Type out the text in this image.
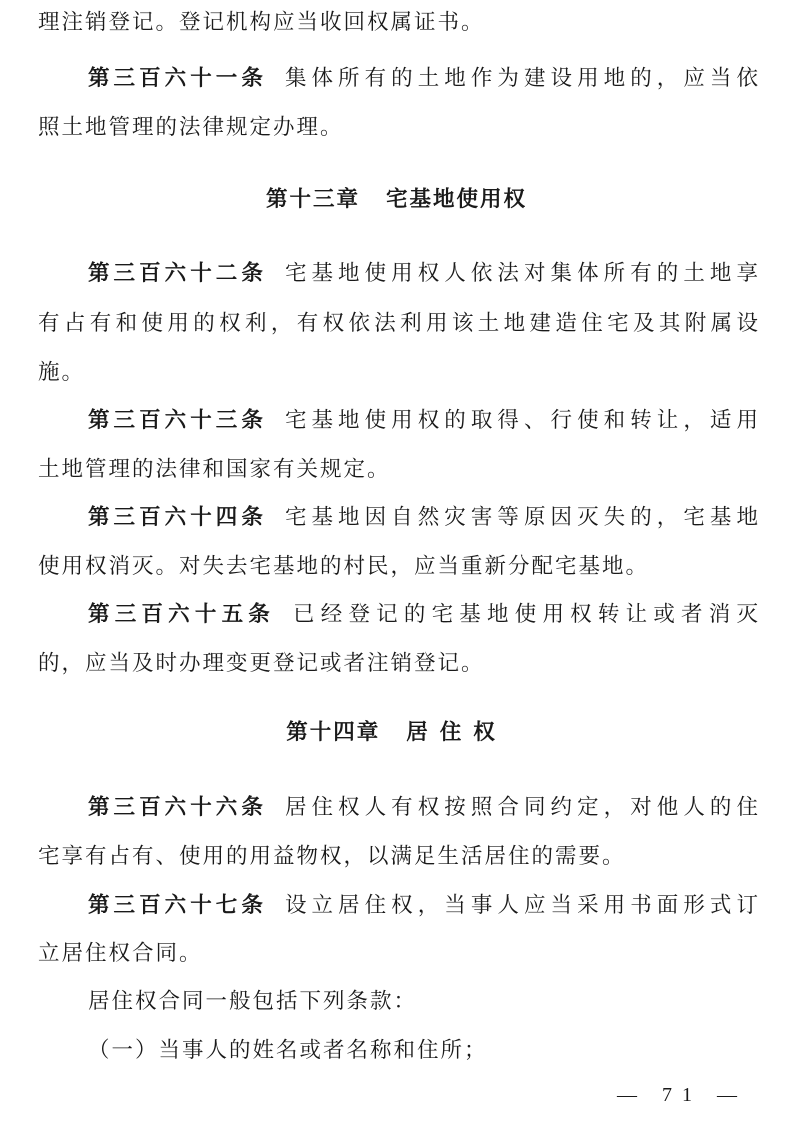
理注销登记。登记机构应当收回权属证书。
第三百六十一条 集体所有的土地作为建设用地的，应当依
照土地管理的法律规定办理。
第十三章 宅基地使用权
第三百六十二条 宅基地使用权人依法对集体所有的土地享
有占有和使用的权利，有权依法利用该土地建造住宅及其附属设
施。
第三百六十三条 宅基地使用权的取得、行使和转让，适用
土地管理的法律和国家有关规定。
第三百六十四条 宅基地因自然灾害等原因灭失的，宅基地
使用权消灭。对失去宅基地的村民，应当重新分配宅基地。
第三百六十五条 已经登记的宅基地使用权转让或者消灭
的，应当及时办理变更登记或者注销登记。
第十四章 居住权
第三百六十六条 居住权人有权按照合同约定，对他人的住
宅享有占有、使用的用益物权，以满足生活居住的需要。
第三百六十七条 设立居住权，当事人应当采用书面形式订
立居住权合同。
居住权合同一般包括下列条款：
（一）当事人的姓名或者名称和住所；
— 71 —
